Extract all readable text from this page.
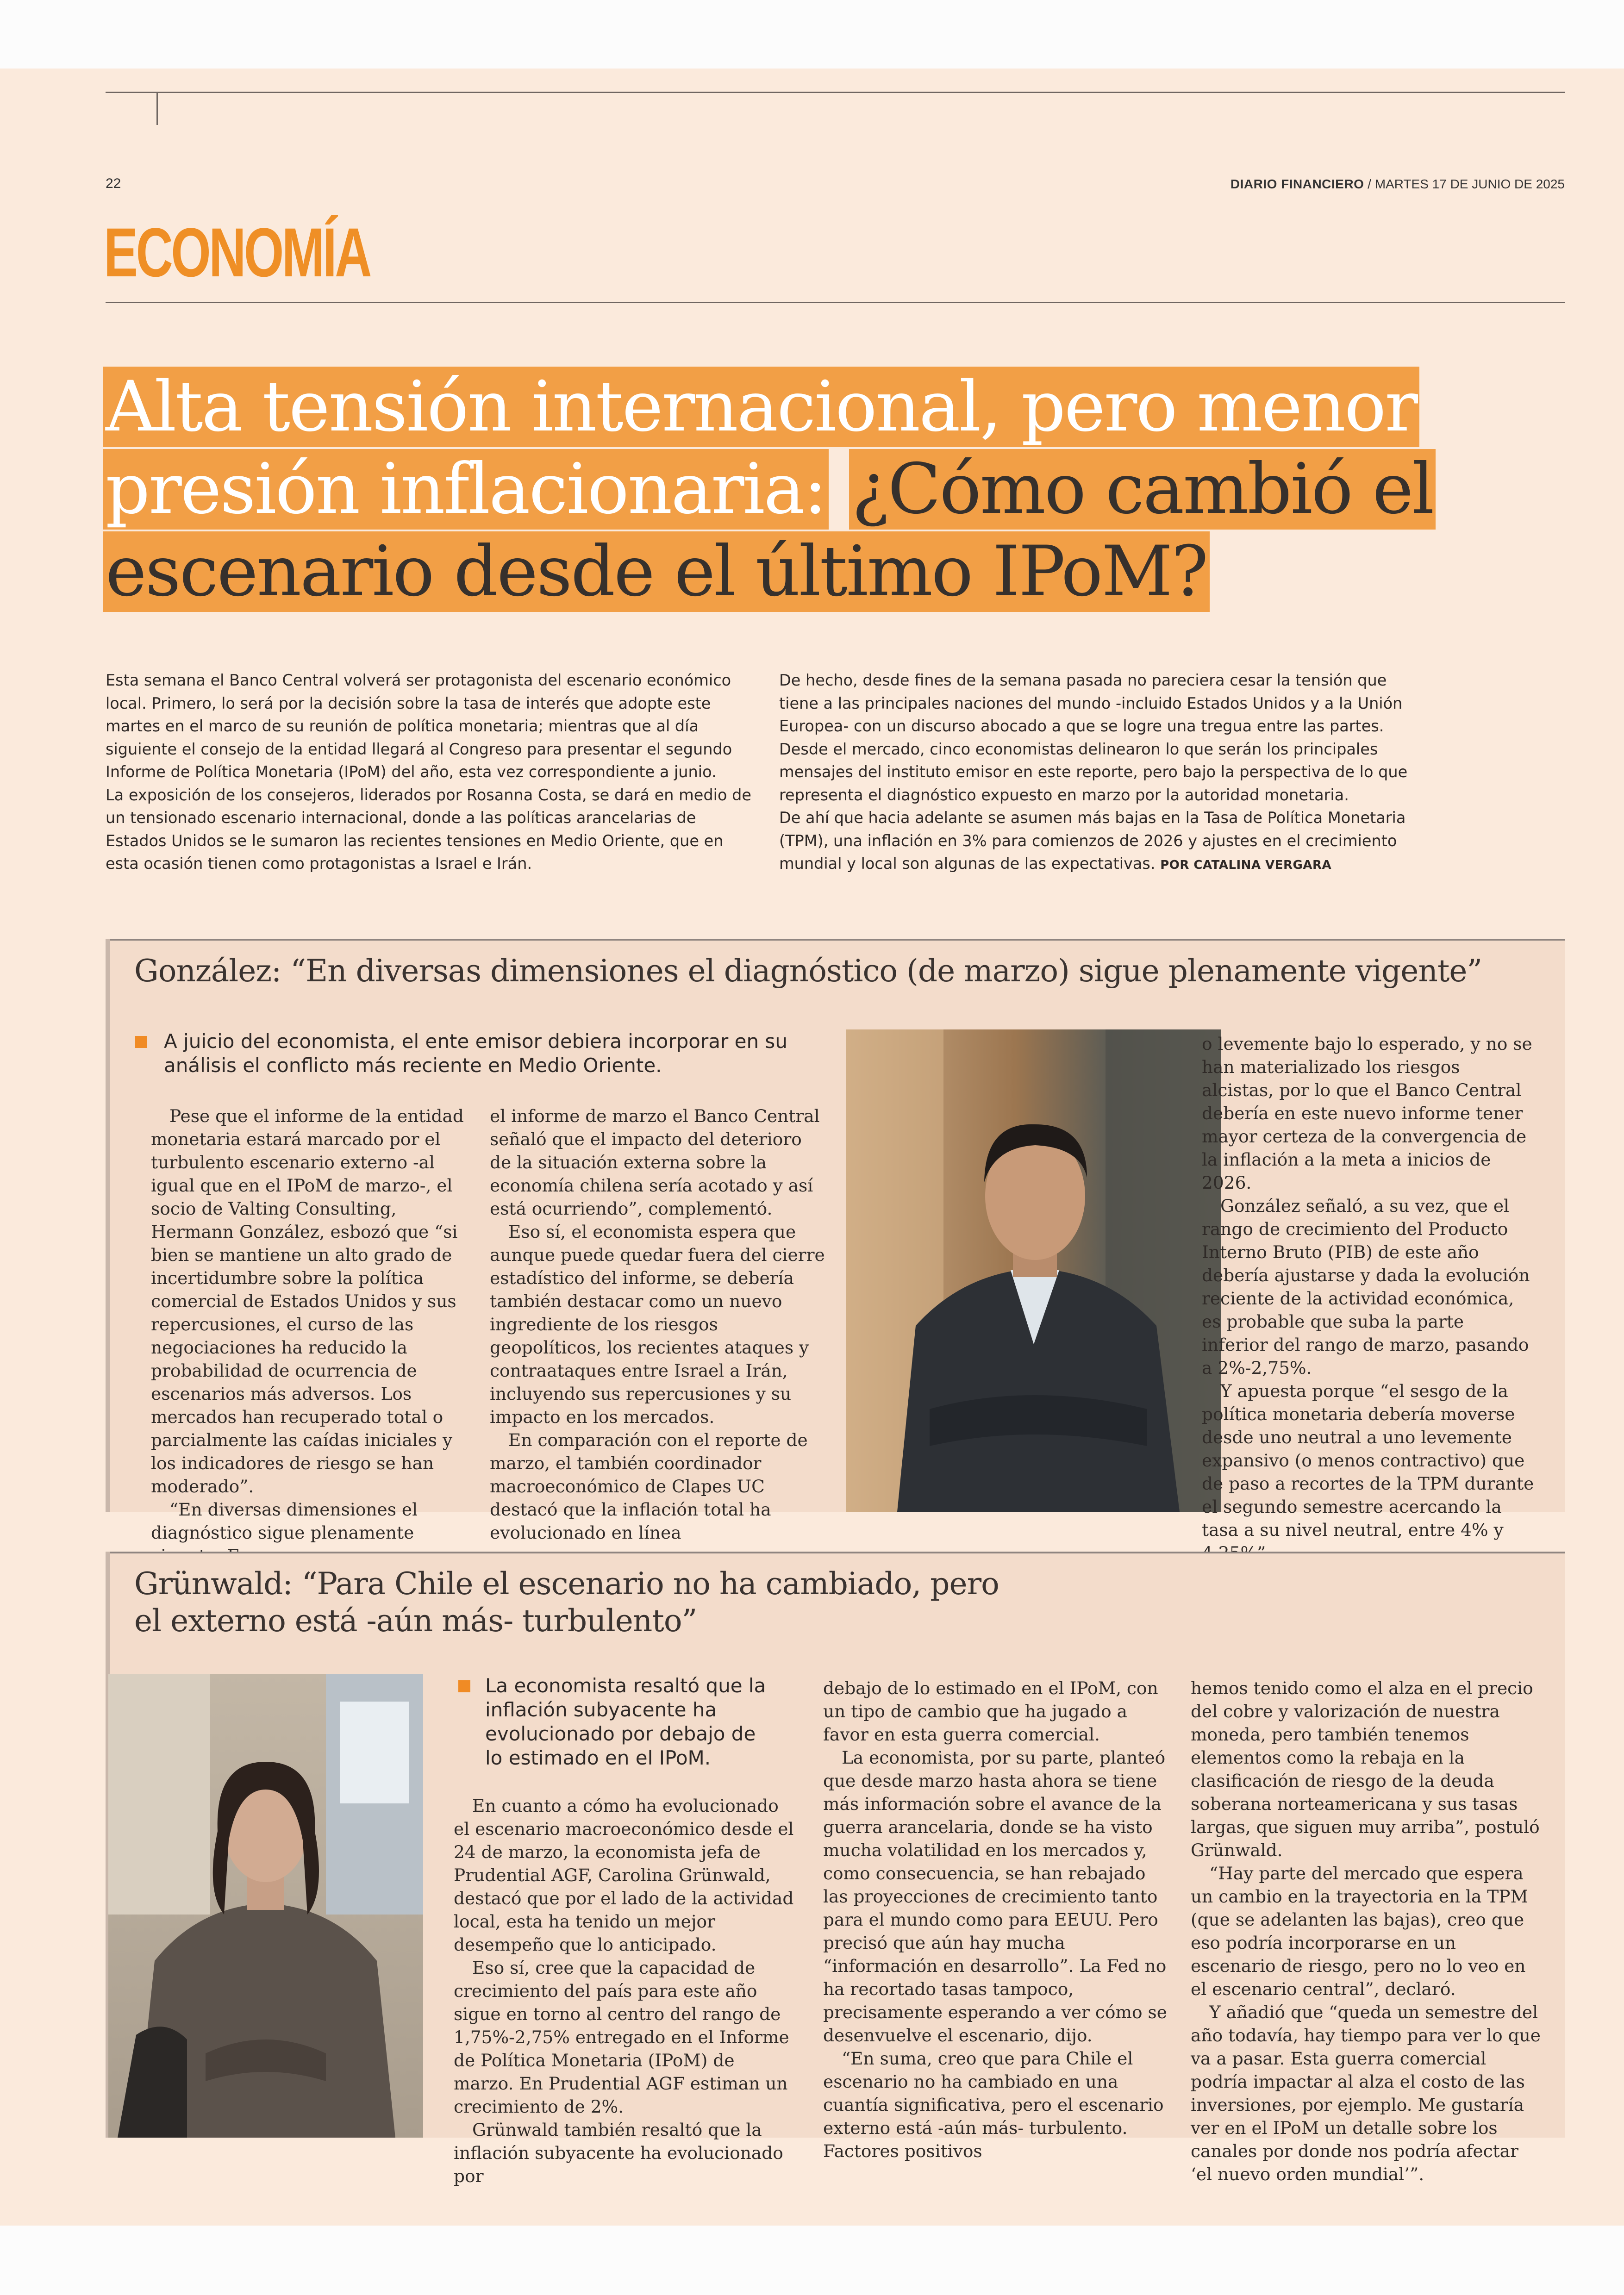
22	DIARIO FINANCIERO / MARTES 17 DE JUNIO DE 2025
ECONOMÍA
Alta tensión internacional, pero menor presión inflacionaria: ¿Cómo cambió el escenario desde el último IPoM?

Esta semana el Banco Central volverá ser protagonista del escenario económico local. Primero, lo será por la decisión sobre la tasa de interés que adopte este martes en el marco de su reunión de política monetaria; mientras que al día siguiente el consejo de la entidad llegará al Congreso para presentar el segundo Informe de Política Monetaria (IPoM) del año, esta vez correspondiente a junio.

La exposición de los consejeros, liderados por Rosanna Costa, se dará en medio de un tensionado escenario internacional, donde a las políticas arancelarias de Estados Unidos se le sumaron las recientes tensiones en Medio Oriente, que en esta ocasión tienen como protagonistas a Israel e Irán.

De hecho, desde fines de la semana pasada no pareciera cesar la tensión que tiene a las principales naciones del mundo -incluido Estados Unidos y a la Unión Europea- con un discurso abocado a que se logre una tregua entre las partes.

Desde el mercado, cinco economistas delinearon lo que serán los principales mensajes del instituto emisor en este reporte, pero bajo la perspectiva de lo que representa el diagnóstico expuesto en marzo por la autoridad monetaria.

De ahí que hacia adelante se asumen más bajas en la Tasa de Política Monetaria (TPM), una inflación en 3% para comienzos de 2026 y ajustes en el crecimiento mundial y local son algunas de las expectativas. POR CATALINA VERGARA

González: “En diversas dimensiones el diagnóstico (de marzo) sigue plenamente vigente”
A juicio del economista, el ente emisor debiera incorporar en su análisis el conflicto más reciente en Medio Oriente.

Pese que el informe de la entidad monetaria estará marcado por el turbulento escenario externo -al igual que en el IPoM de marzo-, el socio de Valting Consulting, Hermann González, esbozó que “si bien se mantiene un alto grado de incertidumbre sobre la política comercial de Estados Unidos y sus repercusiones, el curso de las negociaciones ha reducido la probabilidad de ocurrencia de escenarios más adversos. Los mercados han recuperado total o parcialmente las caídas iniciales y los indicadores de riesgo se han moderado”.

“En diversas dimensiones el diagnóstico sigue plenamente

el informe de marzo el Banco Central señaló que el impacto del deterioro de la situación externa sobre la economía chilena sería acotado y así está ocurriendo”, complementó.

Eso sí, el economista espera que aunque puede quedar fuera del cierre estadístico del informe, se debería también destacar como un nuevo ingrediente de los riesgos geopolíticos, los recientes ataques y contraataques entre Israel a Irán, incluyendo sus repercusiones y su impacto en los mercados.

En comparación con el reporte de marzo, el también coordinador macroeconómico de Clapes UC destacó que la inflación total ha evolucionado en línea

o levemente bajo lo esperado, y no se han materializado los riesgos alcistas, por lo que el Banco Central debería en este nuevo informe tener mayor certeza de la convergencia de la inflación a la meta a inicios de 2026.

González señaló, a su vez, que el rango de crecimiento del Producto Interno Bruto (PIB) de este año debería ajustarse y dada la evolución reciente de la actividad económica, es probable que suba la parte inferior del rango de marzo, pasando a 2%-2,75%.

Y apuesta porque “el sesgo de la política monetaria debería moverse desde uno neutral a uno levemente expansivo (o menos contractivo) que de paso a recortes de la TPM durante el segundo semestre acercando la tasa a su nivel neutral, entre 4% y

Grünwald: “Para Chile el escenario no ha cambiado, pero
el externo está -aún más- turbulento”
La economista resaltó que la inflación subyacente ha evolucionado por debajo de lo estimado en el IPoM.

En cuanto a cómo ha evolucionado el escenario macroeconómico desde el 24 de marzo, la economista jefa de Prudential AGF, Carolina Grünwald, destacó que por el lado de la actividad local, esta ha tenido un mejor desempeño que lo anticipado.

Eso sí, cree que la capacidad de crecimiento del país para este año sigue en torno al centro del rango de 1,75%-2,75% entregado en el Informe de Política Monetaria (IPoM) de marzo. En Prudential AGF estiman un crecimiento de 2%.

Grünwald también resaltó que la inflación subyacente ha evolucionado por

debajo de lo estimado en el IPoM, con un tipo de cambio que ha jugado a favor en esta guerra comercial.

La economista, por su parte, planteó que desde marzo hasta ahora se tiene más información sobre el avance de la guerra arancelaria, donde se ha visto mucha volatilidad en los mercados y, como consecuencia, se han rebajado las proyecciones de crecimiento tanto para el mundo como para EEUU. Pero precisó que aún hay mucha “información en desarrollo”. La Fed no ha recortado tasas tampoco, precisamente esperando a ver cómo se desenvuelve el escenario, dijo.

“En suma, creo que para Chile el escenario no ha cambiado en una cuantía significativa, pero el escenario externo está -aún más- turbulento. Factores positivos

hemos tenido como el alza en el precio del cobre y valorización de nuestra moneda, pero también tenemos elementos como la rebaja en la clasificación de riesgo de la deuda soberana norteamericana y sus tasas largas, que siguen muy arriba”, postuló Grünwald.

“Hay parte del mercado que espera un cambio en la trayectoria en la TPM (que se adelanten las bajas), creo que eso podría incorporarse en un escenario de riesgo, pero no lo veo en el escenario central”, declaró.

Y añadió que “queda un semestre del año todavía, hay tiempo para ver lo que va a pasar. Esta guerra comercial podría impactar al alza el costo de las inversiones, por ejemplo. Me gustaría ver en el IPoM un detalle sobre los canales por donde nos podría afectar ‘el nuevo orden mundial’”.
